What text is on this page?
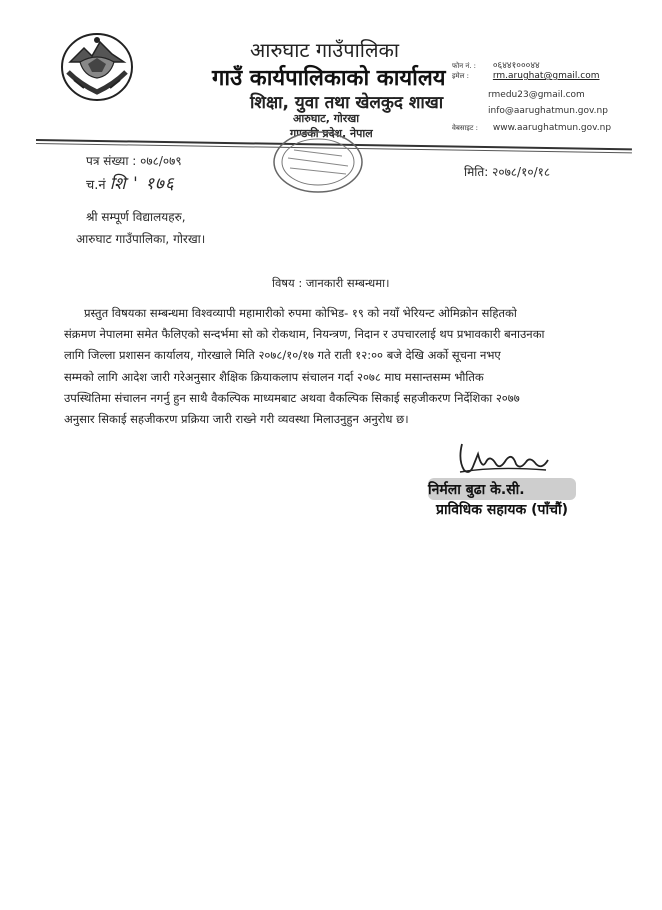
आरुघाट गाउँपालिका
गाउँ कार्यपालिकाको कार्यालय
शिक्षा, युवा तथा खेलकुद शाखा
आरुघाट, गोरखा
गण्डकी प्रदेश, नेपाल
फोन नं. : ०६४४१०००४४
इमेल :	rm.arughat@gmail.com
rmedu23@gmail.com
info@aarughatmun.gov.np
वेबसाइट : www.aarughatmun.gov.np
पत्र संख्या : ०७८/०७९
च.नं शि ' १७६
मिति: २०७८/१०/१८
श्री सम्पूर्ण विद्यालयहरु,
आरुघाट गाउँपालिका, गोरखा।
विषय : जानकारी सम्बन्धमा।
प्रस्तुत विषयका सम्बन्धमा विश्वव्यापी महामारीको रुपमा कोभिड- १९ को नयाँ भेरियन्ट ओमिक्रोन सहितको
संक्रमण नेपालमा समेत फैलिएको सन्दर्भमा सो को रोकथाम, नियन्त्रण, निदान र उपचारलाई थप प्रभावकारी बनाउनका
लागि जिल्ला प्रशासन कार्यालय, गोरखाले मिति २०७८/१०/१७ गते राती १२:०० बजे देखि अर्को सूचना नभए
सम्मको लागि आदेश जारी गरेअनुसार शैक्षिक क्रियाकलाप संचालन गर्दा २०७८ माघ मसान्तसम्म भौतिक
उपस्थितिमा संचालन नगर्नु हुन साथै वैकल्पिक माध्यमबाट अथवा वैकल्पिक सिकाई सहजीकरण निर्देशिका २०७७
अनुसार सिकाई सहजीकरण प्रक्रिया जारी राख्ने गरी व्यवस्था मिलाउनुहुन अनुरोध छ।
निर्मला बुढा के.सी.
प्राविधिक सहायक (पाँचौं)
